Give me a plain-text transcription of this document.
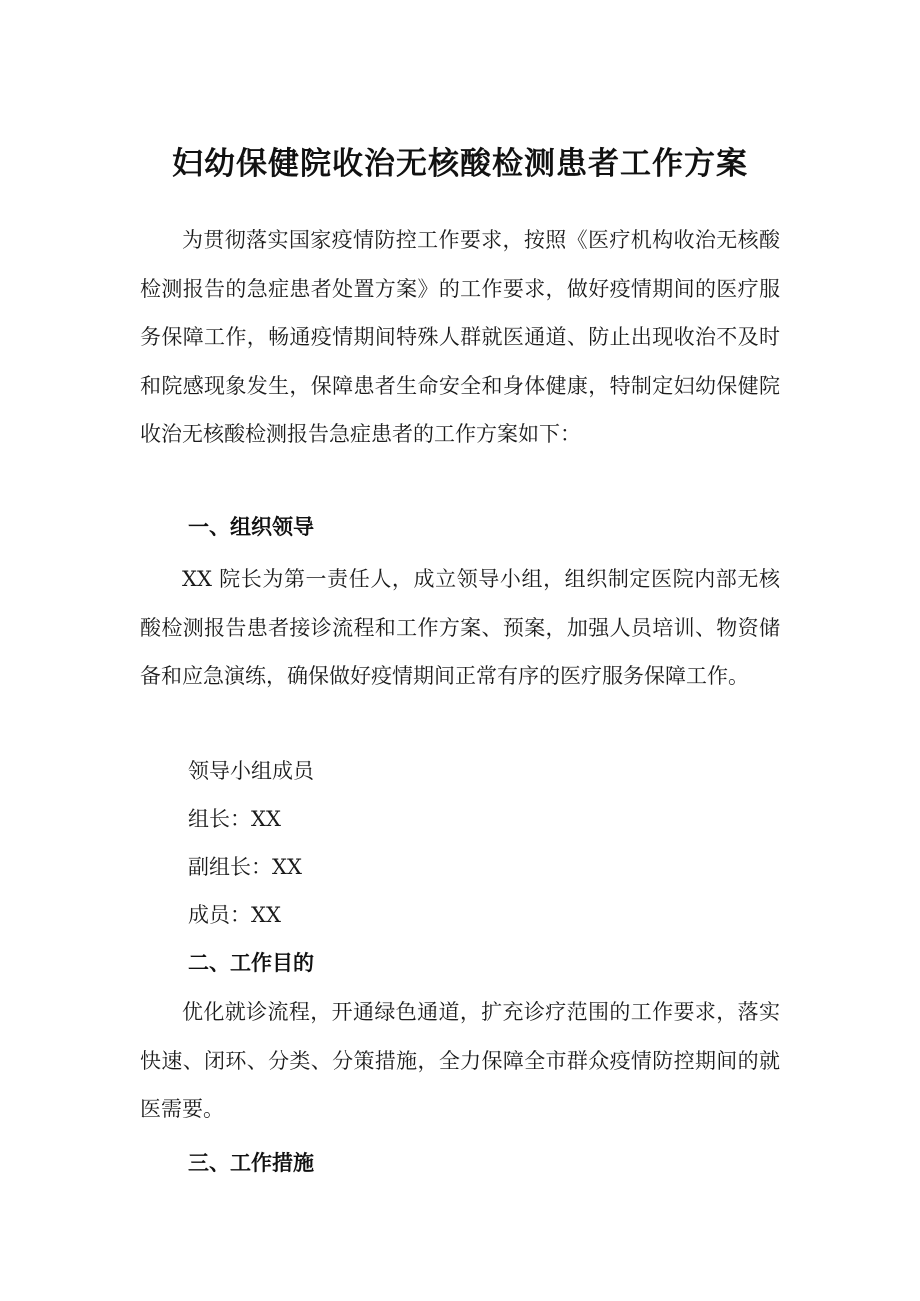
妇幼保健院收治无核酸检测患者工作方案

为贯彻落实国家疫情防控工作要求，按照《医疗机构收治无核酸检测报告的急症患者处置方案》的工作要求，做好疫情期间的医疗服务保障工作，畅通疫情期间特殊人群就医通道、防止出现收治不及时和院感现象发生，保障患者生命安全和身体健康，特制定妇幼保健院收治无核酸检测报告急症患者的工作方案如下：

一、组织领导

XX 院长为第一责任人，成立领导小组，组织制定医院内部无核酸检测报告患者接诊流程和工作方案、预案，加强人员培训、物资储备和应急演练，确保做好疫情期间正常有序的医疗服务保障工作。

领导小组成员
组长：XX
副组长：XX
成员：XX
二、工作目的

优化就诊流程，开通绿色通道，扩充诊疗范围的工作要求，落实快速、闭环、分类、分策措施，全力保障全市群众疫情防控期间的就医需要。

三、工作措施
